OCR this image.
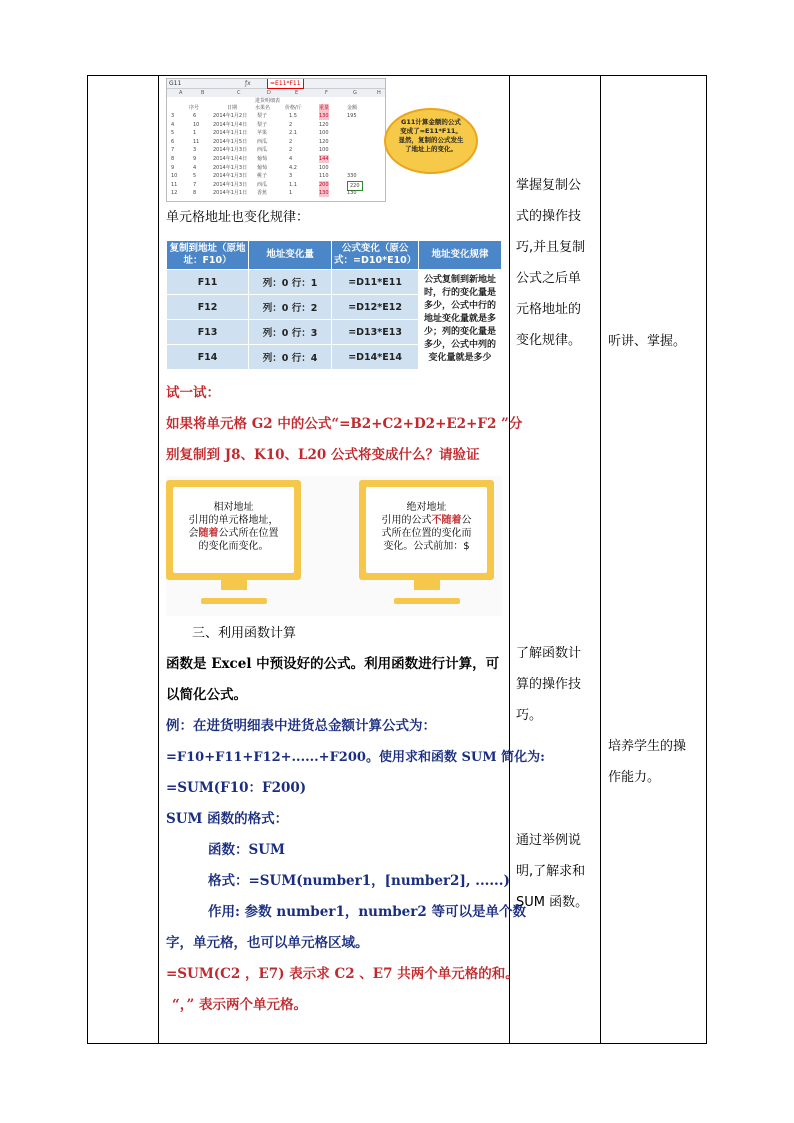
G11	ƒx	=E11*F11
A	B	C	D	E	F	G	H
进货明细表
序号	日期	水果名	价格/斤	重量	金额
3	6	2014年1月2日 梨子	1.5	130	195
4	10	2014年1月4日 梨子	2	120
5	1	2014年1月1日 苹果	2.1	100
6	11	2014年1月5日 西瓜	2	120
7	3	2014年1月3日 西瓜	2	100
8	9	2014年1月4日 葡萄	4	144
9	4	2014年1月3日 葡萄	4.2	100
10	5	2014年1月3日 桃子	3	110	330
11	7	2014年1月3日 西瓜	1.1	200	220
12	8	2014年1月1日 香蕉	1	130	130
G11计算金额的公式变成了=E11*F11。显然，复制的公式发生了地址上的变化。
单元格地址也变化规律：
复制到地址（原地址：F10）	地址变化量	公式变化（原公式：=D10*E10）	地址变化规律
F11	列：0 行：1	=D11*E11	公式复制到新地址时，行的变化量是多少，公式中行的地址变化量就是多少；列的变化量是多少，公式中列的变化量就是多少
F12	列：0 行：2	=D12*E12	
F13	列：0 行：3	=D13*E13	
F14	列：0 行：4	=D14*E14	
试一试：
如果将单元格 G2 中的公式“=B2+C2+D2+E2+F2 ”分
别复制到 J8、K10、L20 公式将变成什么？请验证
相对地址
引用的单元格地址，
会随着公式所在位置
的变化而变化。
绝对地址
引用的公式不随着公
式所在位置的变化而
变化。公式前加：$
三、利用函数计算
函数是 Excel 中预设好的公式。利用函数进行计算，可
以简化公式。
例：在进货明细表中进货总金额计算公式为：
=F10+F11+F12+......+F200。使用求和函数 SUM 简化为:
=SUM(F10：F200)
SUM 函数的格式：
函数：SUM
格式：=SUM(number1，[number2], ......)
作用: 参数 number1，number2 等可以是单个数
字，单元格，也可以单元格区域。
=SUM(C2 ，E7) 表示求 C2 、E7 共两个单元格的和。
“，” 表示两个单元格。
掌握复制公
式的操作技
巧,并且复制
公式之后单
元格地址的
变化规律。
了解函数计
算的操作技
巧。
通过举例说
明,了解求和
SUM 函数。
听讲、掌握。
培养学生的操
作能力。
